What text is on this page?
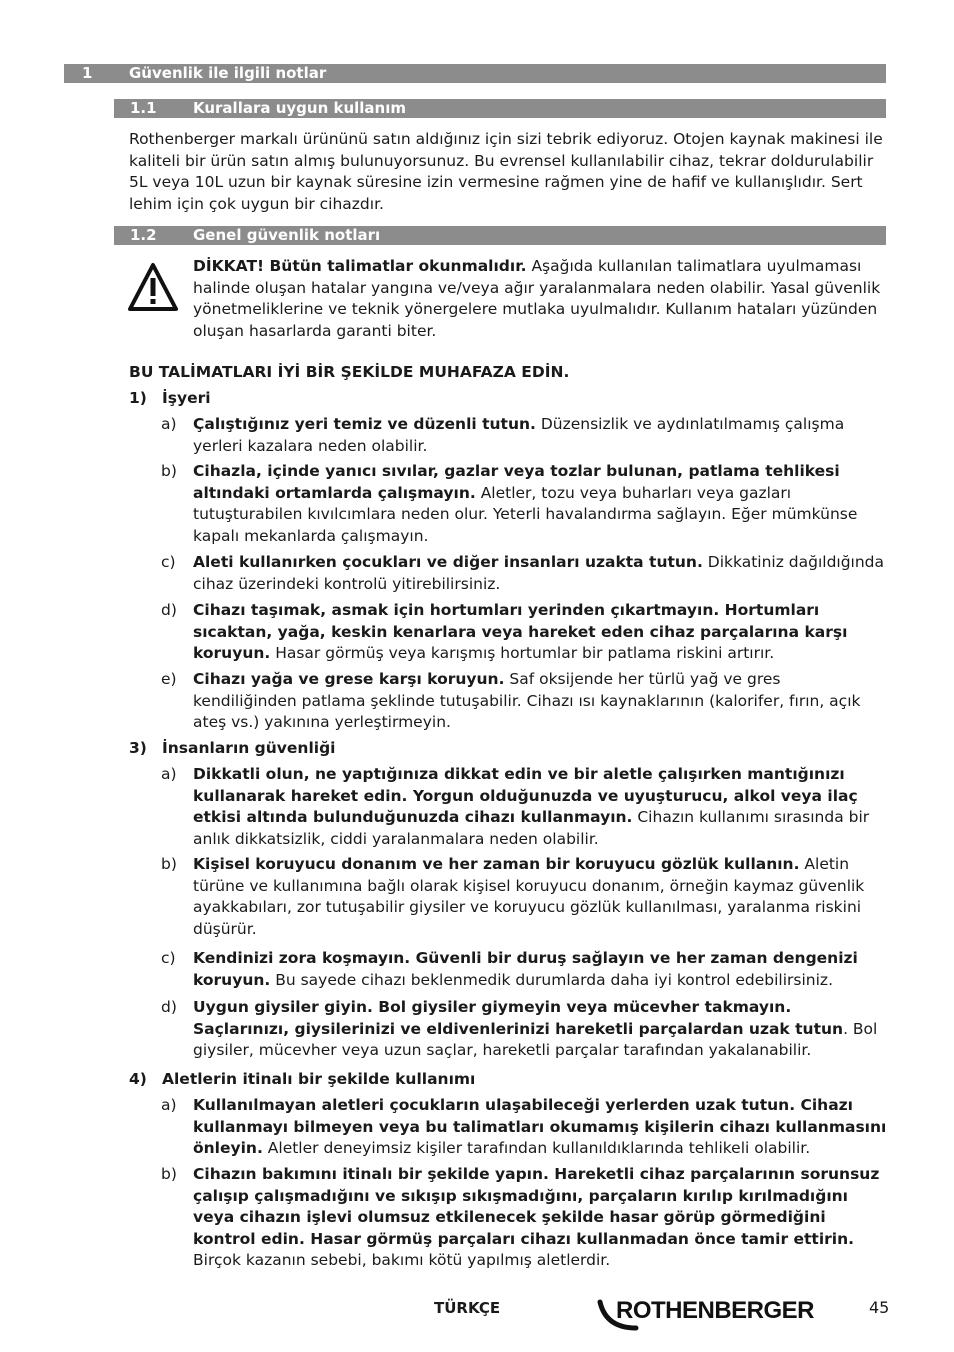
1 Güvenlik ile ilgili notlar
1.1 Kurallara uygun kullanım
Rothenberger markalı ürününü satın aldığınız için sizi tebrik ediyoruz. Otojen kaynak makinesi ile kaliteli bir ürün satın almış bulunuyorsunuz. Bu evrensel kullanılabilir cihaz, tekrar doldurulabilir 5L veya 10L uzun bir kaynak süresine izin vermesine rağmen yine de hafif ve kullanışlıdır. Sert lehim için çok uygun bir cihazdır.
1.2 Genel güvenlik notları
DİKKAT! Bütün talimatlar okunmalıdır. Aşağıda kullanılan talimatlara uyulmaması halinde oluşan hatalar yangına ve/veya ağır yaralanmalara neden olabilir. Yasal güvenlik yönetmeliklerine ve teknik yönergelere mutlaka uyulmalıdır. Kullanım hataları yüzünden oluşan hasarlarda garanti biter.
BU TALİMATLARI İYİ BİR ŞEKİLDE MUHAFAZA EDİN.
1) İşyeri
a) Çalıştığınız yeri temiz ve düzenli tutun. Düzensizlik ve aydınlatılmamış çalışma yerleri kazalara neden olabilir.
b) Cihazla, içinde yanıcı sıvılar, gazlar veya tozlar bulunan, patlama tehlikesi altındaki ortamlarda çalışmayın. Aletler, tozu veya buharları veya gazları tutuşturabilen kıvılcımlara neden olur. Yeterli havalandırma sağlayın. Eğer mümkünse kapalı mekanlarda çalışmayın.
c) Aleti kullanırken çocukları ve diğer insanları uzakta tutun. Dikkatiniz dağıldığında cihaz üzerindeki kontrolü yitirebilirsiniz.
d) Cihazı taşımak, asmak için hortumları yerinden çıkartmayın. Hortumları sıcaktan, yağa, keskin kenarlara veya hareket eden cihaz parçalarına karşı koruyun. Hasar görmüş veya karışmış hortumlar bir patlama riskini artırır.
e) Cihazı yağa ve grese karşı koruyun. Saf oksijende her türlü yağ ve gres kendiliğinden patlama şeklinde tutuşabilir. Cihazı ısı kaynaklarının (kalorifer, fırın, açık ateş vs.) yakınına yerleştirmeyin.
3) İnsanların güvenliği
a) Dikkatli olun, ne yaptığınıza dikkat edin ve bir aletle çalışırken mantığınızı kullanarak hareket edin. Yorgun olduğunuzda ve uyuşturucu, alkol veya ilaç etkisi altında bulunduğunuzda cihazı kullanmayın. Cihazın kullanımı sırasında bir anlık dikkatsizlik, ciddi yaralanmalara neden olabilir.
b) Kişisel koruyucu donanım ve her zaman bir koruyucu gözlük kullanın. Aletin türüne ve kullanımına bağlı olarak kişisel koruyucu donanım, örneğin kaymaz güvenlik ayakkabıları, zor tutuşabilir giysiler ve koruyucu gözlük kullanılması, yaralanma riskini düşürür.
c) Kendinizi zora koşmayın. Güvenli bir duruş sağlayın ve her zaman dengenizi koruyun. Bu sayede cihazı beklenmedik durumlarda daha iyi kontrol edebilirsiniz.
d) Uygun giysiler giyin. Bol giysiler giymeyin veya mücevher takmayın. Saçlarınızı, giysilerinizi ve eldivenlerinizi hareketli parçalardan uzak tutun. Bol giysiler, mücevher veya uzun saçlar, hareketli parçalar tarafından yakalanabilir.
4) Aletlerin itinalı bir şekilde kullanımı
a) Kullanılmayan aletleri çocukların ulaşabileceği yerlerden uzak tutun. Cihazı kullanmayı bilmeyen veya bu talimatları okumamış kişilerin cihazı kullanmasını önleyin. Aletler deneyimsiz kişiler tarafından kullanıldıklarında tehlikeli olabilir.
b) Cihazın bakımını itinalı bir şekilde yapın. Hareketli cihaz parçalarının sorunsuz çalışıp çalışmadığını ve sıkışıp sıkışmadığını, parçaların kırılıp kırılmadığını veya cihazın işlevi olumsuz etkilenecek şekilde hasar görüp görmediğini kontrol edin. Hasar görmüş parçaları cihazı kullanmadan önce tamir ettirin. Birçok kazanın sebebi, bakımı kötü yapılmış aletlerdir.
TÜRKÇE	ROTHENBERGER	45
